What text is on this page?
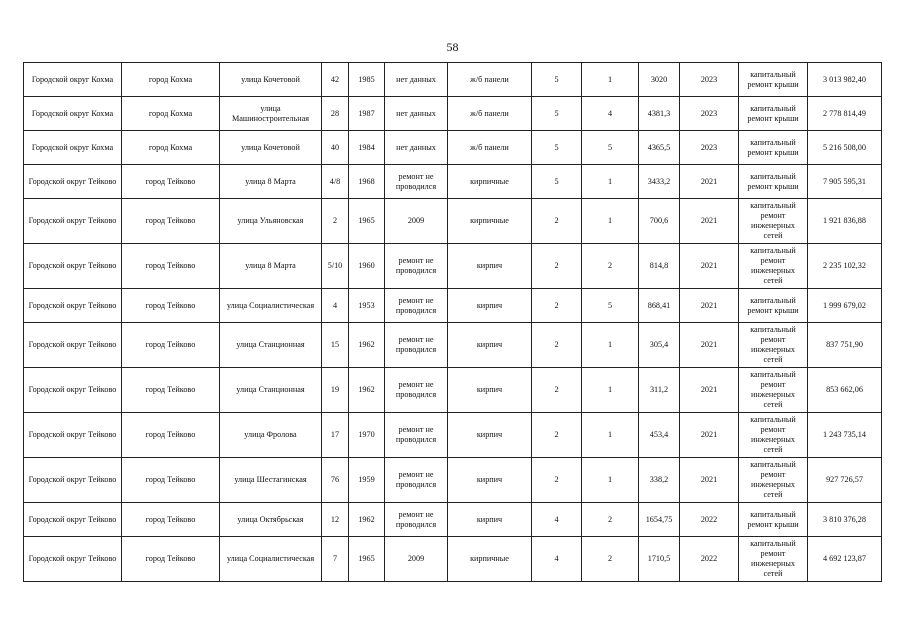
58
Городской округ Кохма	город Кохма	улица Кочетовой	42	1985	нет данных	ж/б панели	5	1	3020	2023	капитальный ремонт крыши	3 013 982,40
Городской округ Кохма	город Кохма	улица Машиностроительная	28	1987	нет данных	ж/б панели	5	4	4381,3	2023	капитальный ремонт крыши	2 778 814,49
Городской округ Кохма	город Кохма	улица Кочетовой	40	1984	нет данных	ж/б панели	5	5	4365,5	2023	капитальный ремонт крыши	5 216 508,00
Городской округ Тейково	город Тейково	улица 8 Марта	4/8	1968	ремонт не проводился	кирпичные	5	1	3433,2	2021	капитальный ремонт крыши	7 905 595,31
Городской округ Тейково	город Тейково	улица Ульяновская	2	1965	2009	кирпичные	2	1	700,6	2021	капитальный ремонт инженерных сетей	1 921 836,88
Городской округ Тейково	город Тейково	улица 8 Марта	5/10	1960	ремонт не проводился	кирпич	2	2	814,8	2021	капитальный ремонт инженерных сетей	2 235 102,32
Городской округ Тейково	город Тейково	улица Социалистическая	4	1953	ремонт не проводился	кирпич	2	5	868,41	2021	капитальный ремонт крыши	1 999 679,02
Городской округ Тейково	город Тейково	улица Станционная	15	1962	ремонт не проводился	кирпич	2	1	305,4	2021	капитальный ремонт инженерных сетей	837 751,90
Городской округ Тейково	город Тейково	улица Станционная	19	1962	ремонт не проводился	кирпич	2	1	311,2	2021	капитальный ремонт инженерных сетей	853 662,06
Городской округ Тейково	город Тейково	улица Фролова	17	1970	ремонт не проводился	кирпич	2	1	453,4	2021	капитальный ремонт инженерных сетей	1 243 735,14
Городской округ Тейково	город Тейково	улица Шестагинская	76	1959	ремонт не проводился	кирпич	2	1	338,2	2021	капитальный ремонт инженерных сетей	927 726,57
Городской округ Тейково	город Тейково	улица Октябрьская	12	1962	ремонт не проводился	кирпич	4	2	1654,75	2022	капитальный ремонт крыши	3 810 376,28
Городской округ Тейково	город Тейково	улица Социалистическая	7	1965	2009	кирпичные	4	2	1710,5	2022	капитальный ремонт инженерных сетей	4 692 123,87
